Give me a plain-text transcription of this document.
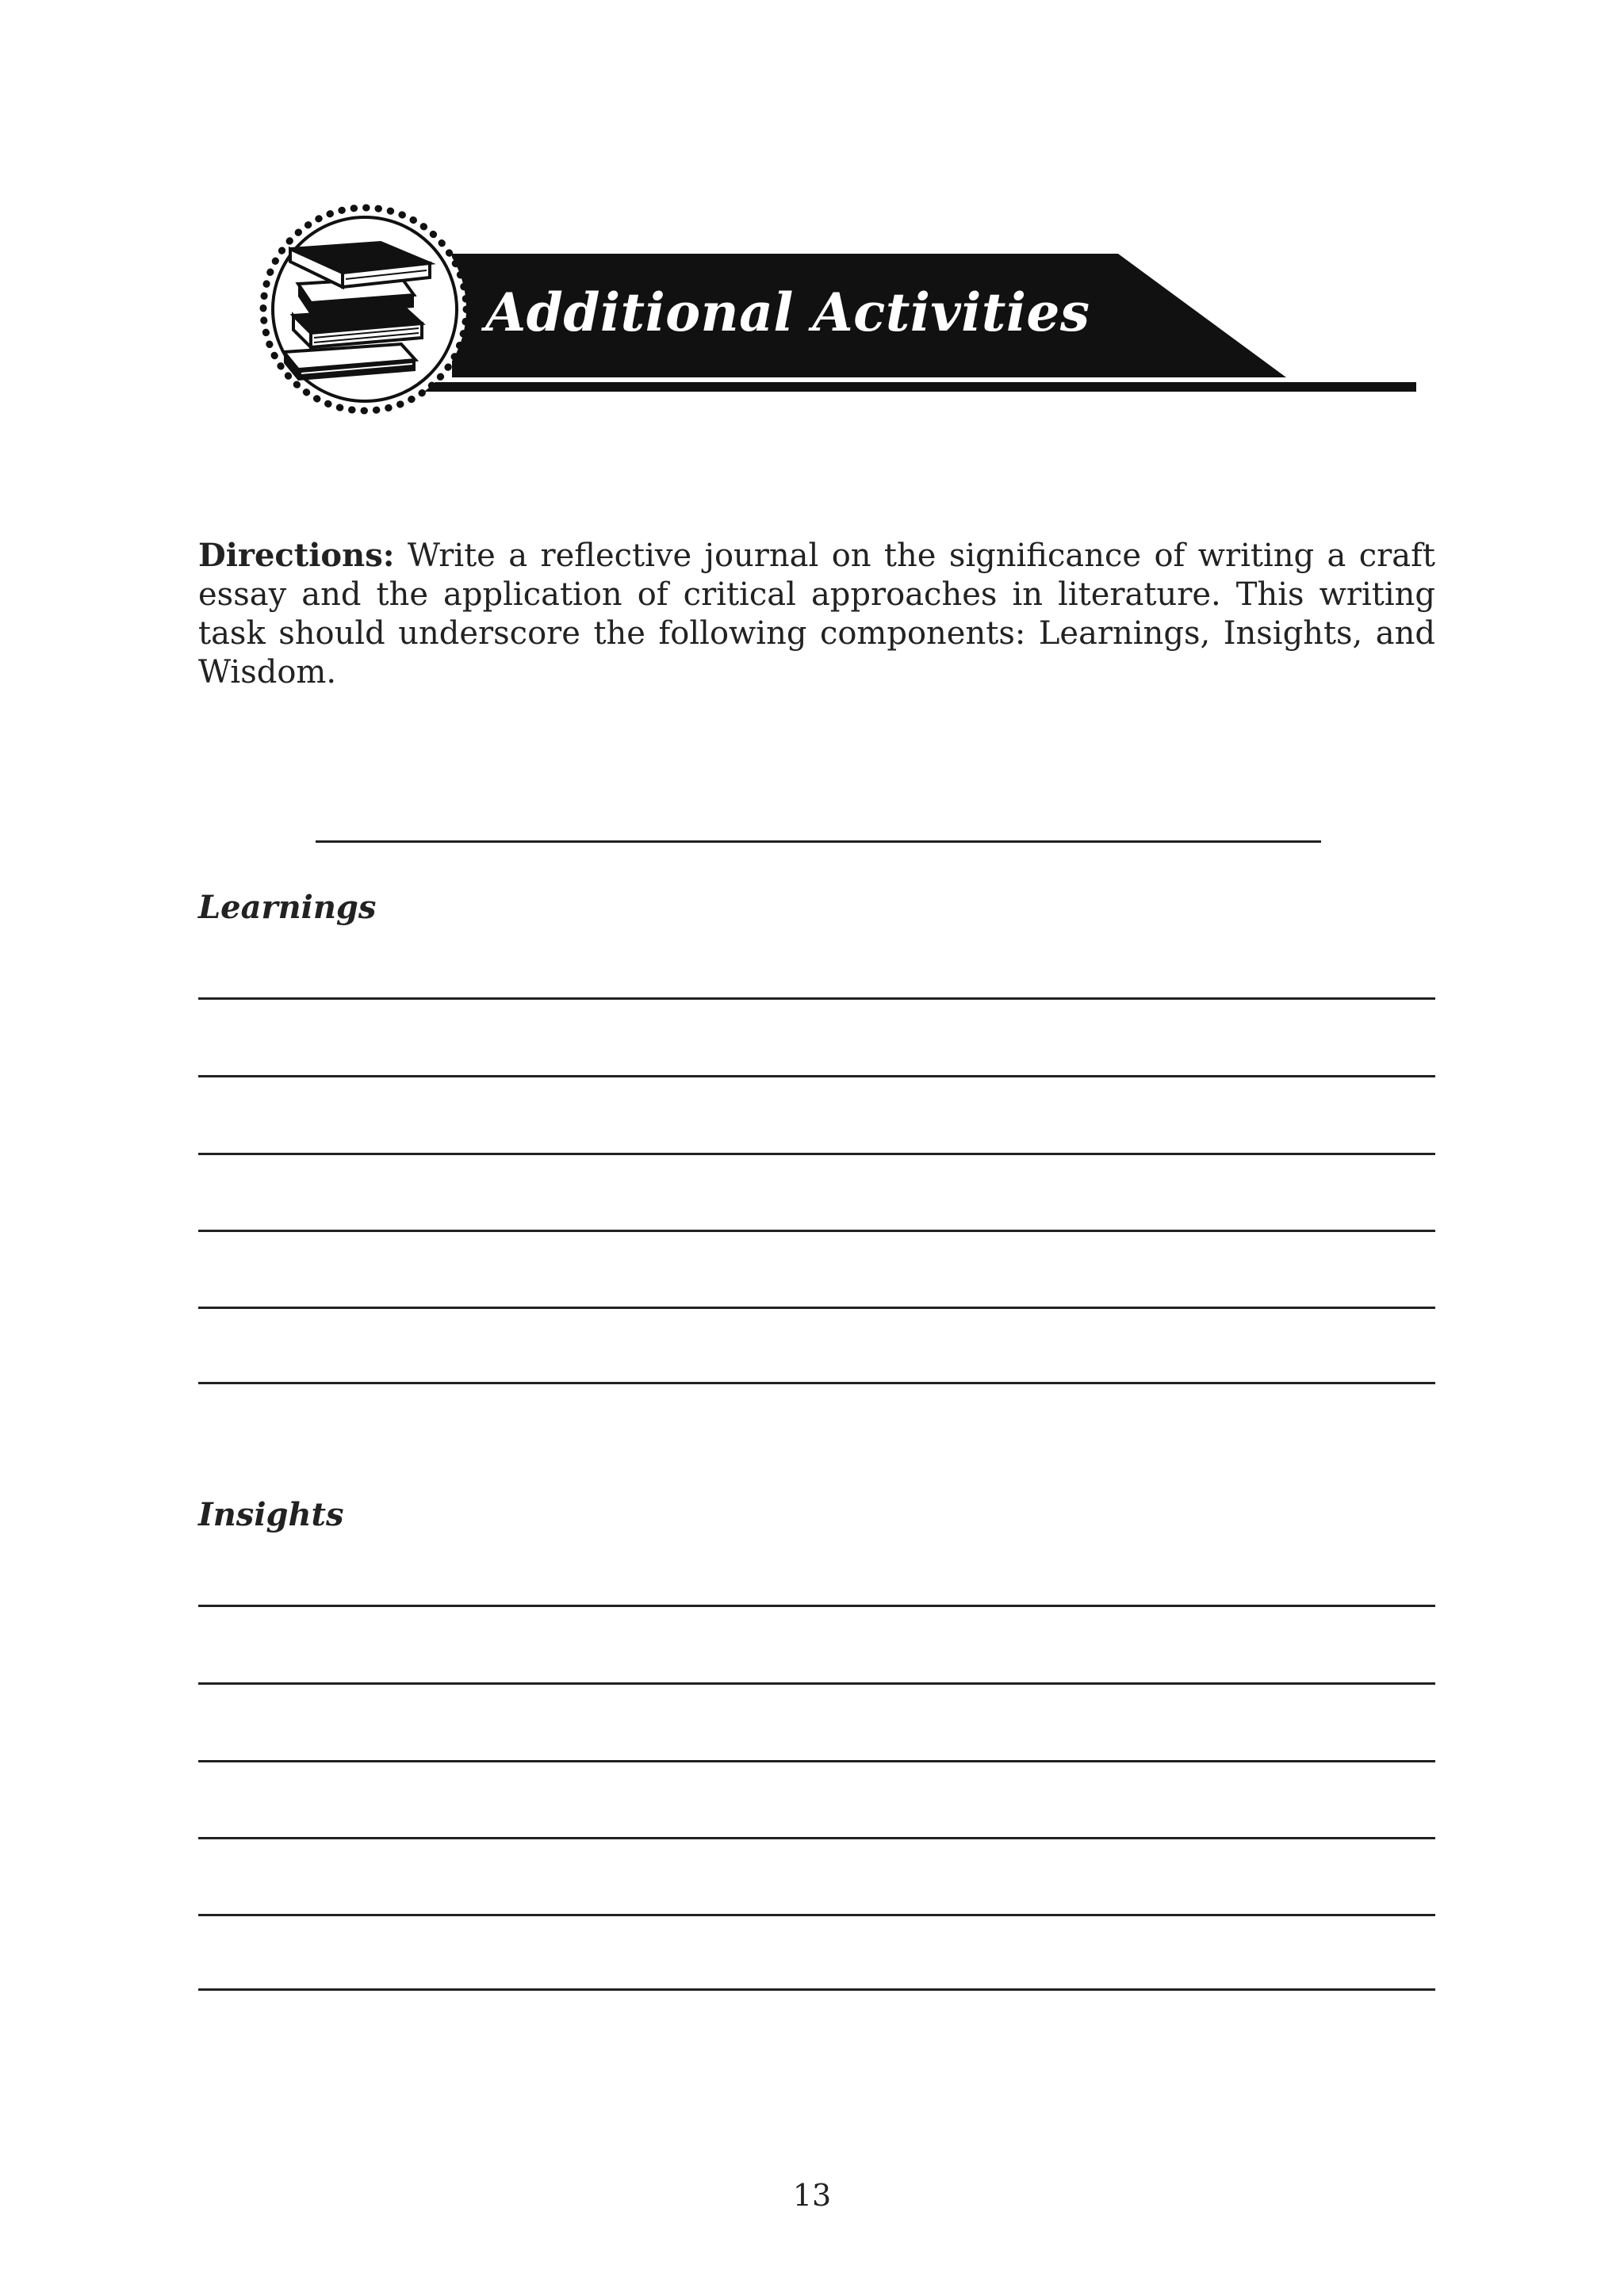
Additional Activities
Directions: Write a reflective journal on the significance of writing a craft essay and the application of critical approaches in literature. This writing task should underscore the following components: Learnings, Insights, and Wisdom.
Learnings
Insights
13
